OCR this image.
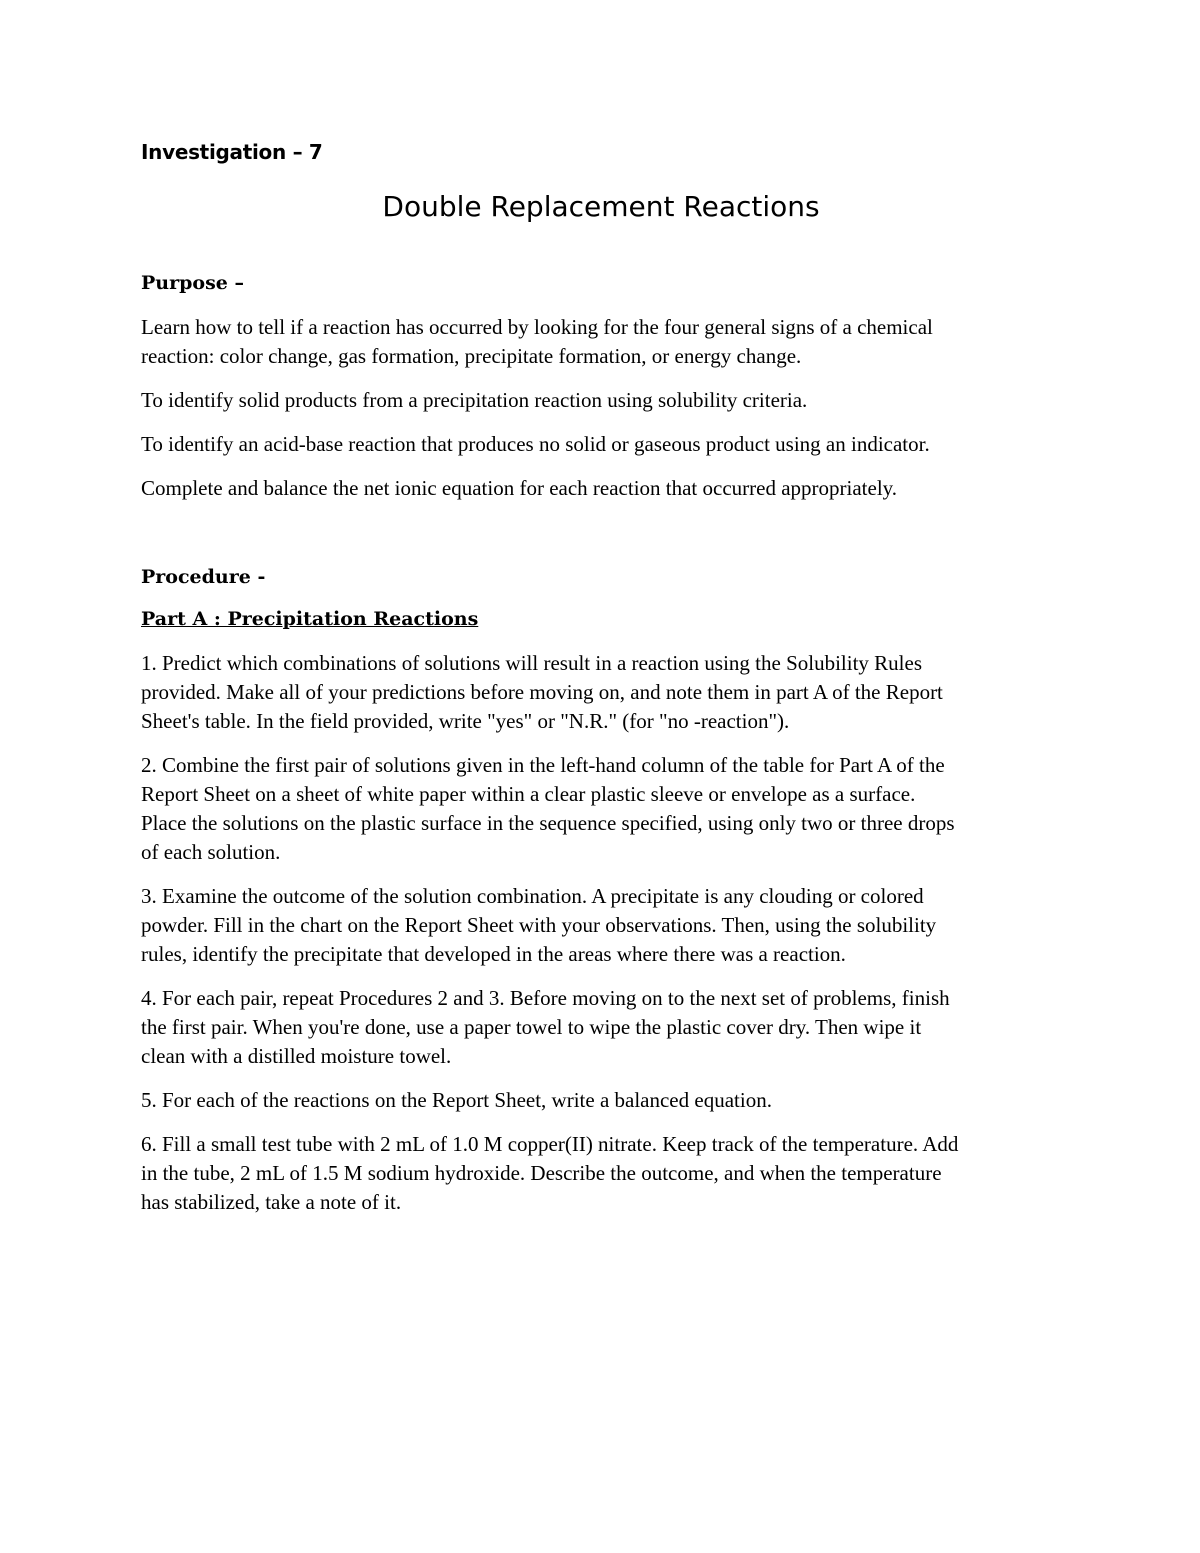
Investigation – 7
Double Replacement Reactions
Purpose –

Learn how to tell if a reaction has occurred by looking for the four general signs of a chemical
reaction: color change, gas formation, precipitate formation, or energy change.

To identify solid products from a precipitation reaction using solubility criteria.

To identify an acid-base reaction that produces no solid or gaseous product using an indicator.

Complete and balance the net ionic equation for each reaction that occurred appropriately.

Procedure -
Part A : Precipitation Reactions

1. Predict which combinations of solutions will result in a reaction using the Solubility Rules
provided. Make all of your predictions before moving on, and note them in part A of the Report
Sheet's table. In the field provided, write "yes" or "N.R." (for "no -reaction").

2. Combine the first pair of solutions given in the left-hand column of the table for Part A of the
Report Sheet on a sheet of white paper within a clear plastic sleeve or envelope as a surface.
Place the solutions on the plastic surface in the sequence specified, using only two or three drops
of each solution.

3. Examine the outcome of the solution combination. A precipitate is any clouding or colored
powder. Fill in the chart on the Report Sheet with your observations. Then, using the solubility
rules, identify the precipitate that developed in the areas where there was a reaction.

4. For each pair, repeat Procedures 2 and 3. Before moving on to the next set of problems, finish
the first pair. When you're done, use a paper towel to wipe the plastic cover dry. Then wipe it
clean with a distilled moisture towel.

5. For each of the reactions on the Report Sheet, write a balanced equation.

6. Fill a small test tube with 2 mL of 1.0 M copper(II) nitrate. Keep track of the temperature. Add
in the tube, 2 mL of 1.5 M sodium hydroxide. Describe the outcome, and when the temperature
has stabilized, take a note of it.
